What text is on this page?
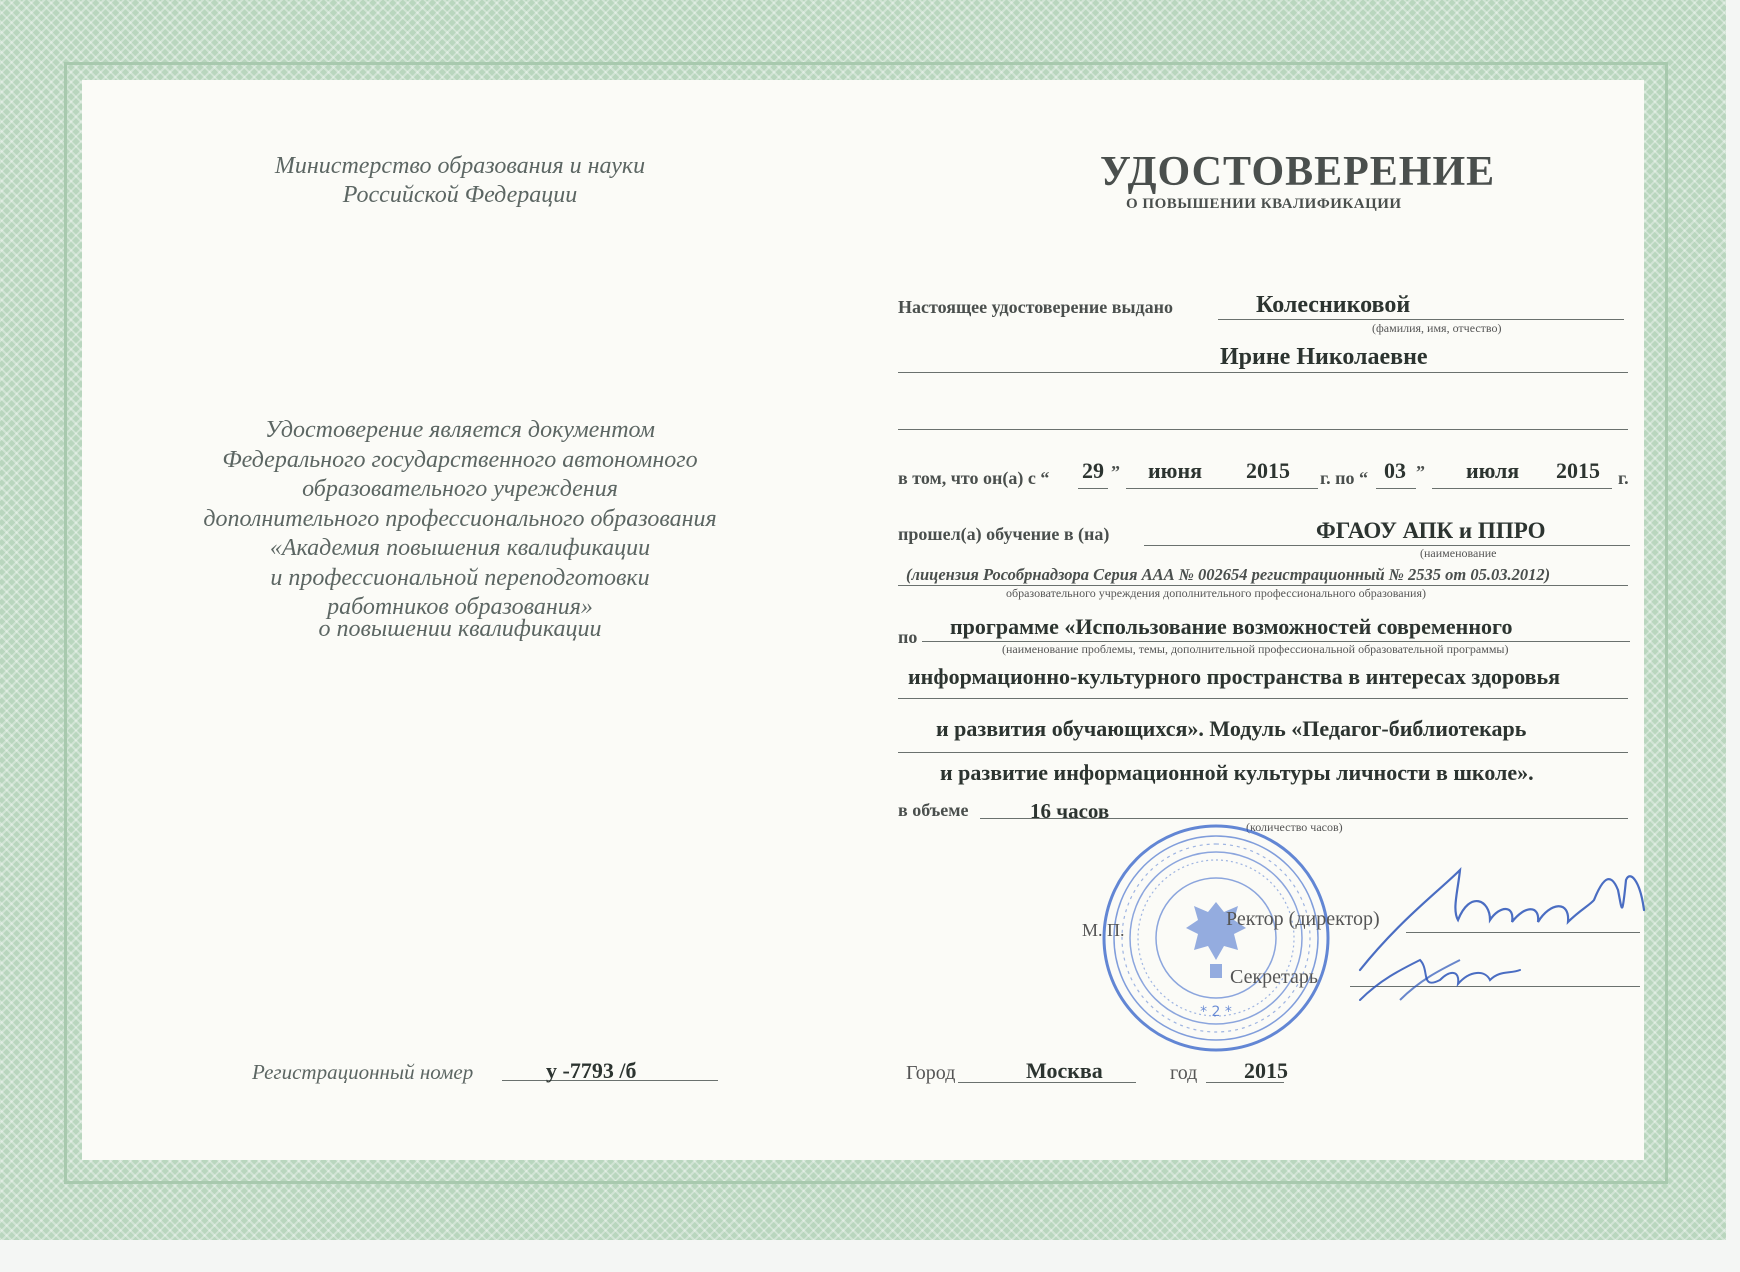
Министерство образования и науки
Российской Федерации
Удостоверение является документом
Федерального государственного автономного
образовательного учреждения
дополнительного профессионального образования
«Академия повышения квалификации
и профессиональной переподготовки
работников образования»
о повышении квалификации
Регистрационный номер	у -7793 /б
УДОСТОВЕРЕНИЕ
О ПОВЫШЕНИИ КВАЛИФИКАЦИИ
Настоящее удостоверение выдано	Колесниковой
(фамилия, имя, отчество)
Ирине Николаевне
в том, что он(а) с “ 29 ” июня 2015 г. по “ 03 ” июля 2015 г.
прошел(а) обучение в (на)	ФГАОУ АПК и ППРО
(наименование
(лицензия Рособрнадзора Серия ААА № 002654 регистрационный № 2535 от 05.03.2012)
образовательного учреждения дополнительного профессионального образования)
по программе «Использование возможностей современного
(наименование проблемы, темы, дополнительной профессиональной образовательной программы)
информационно-культурного пространства в интересах здоровья
и развития обучающихся». Модуль «Педагог-библиотекарь
и развитие информационной культуры личности в школе».
в объеме	16 часов
(количество часов)
* 2 *
М. П.	Ректор (директор)
Секретарь
Город	Москва	год 2015
